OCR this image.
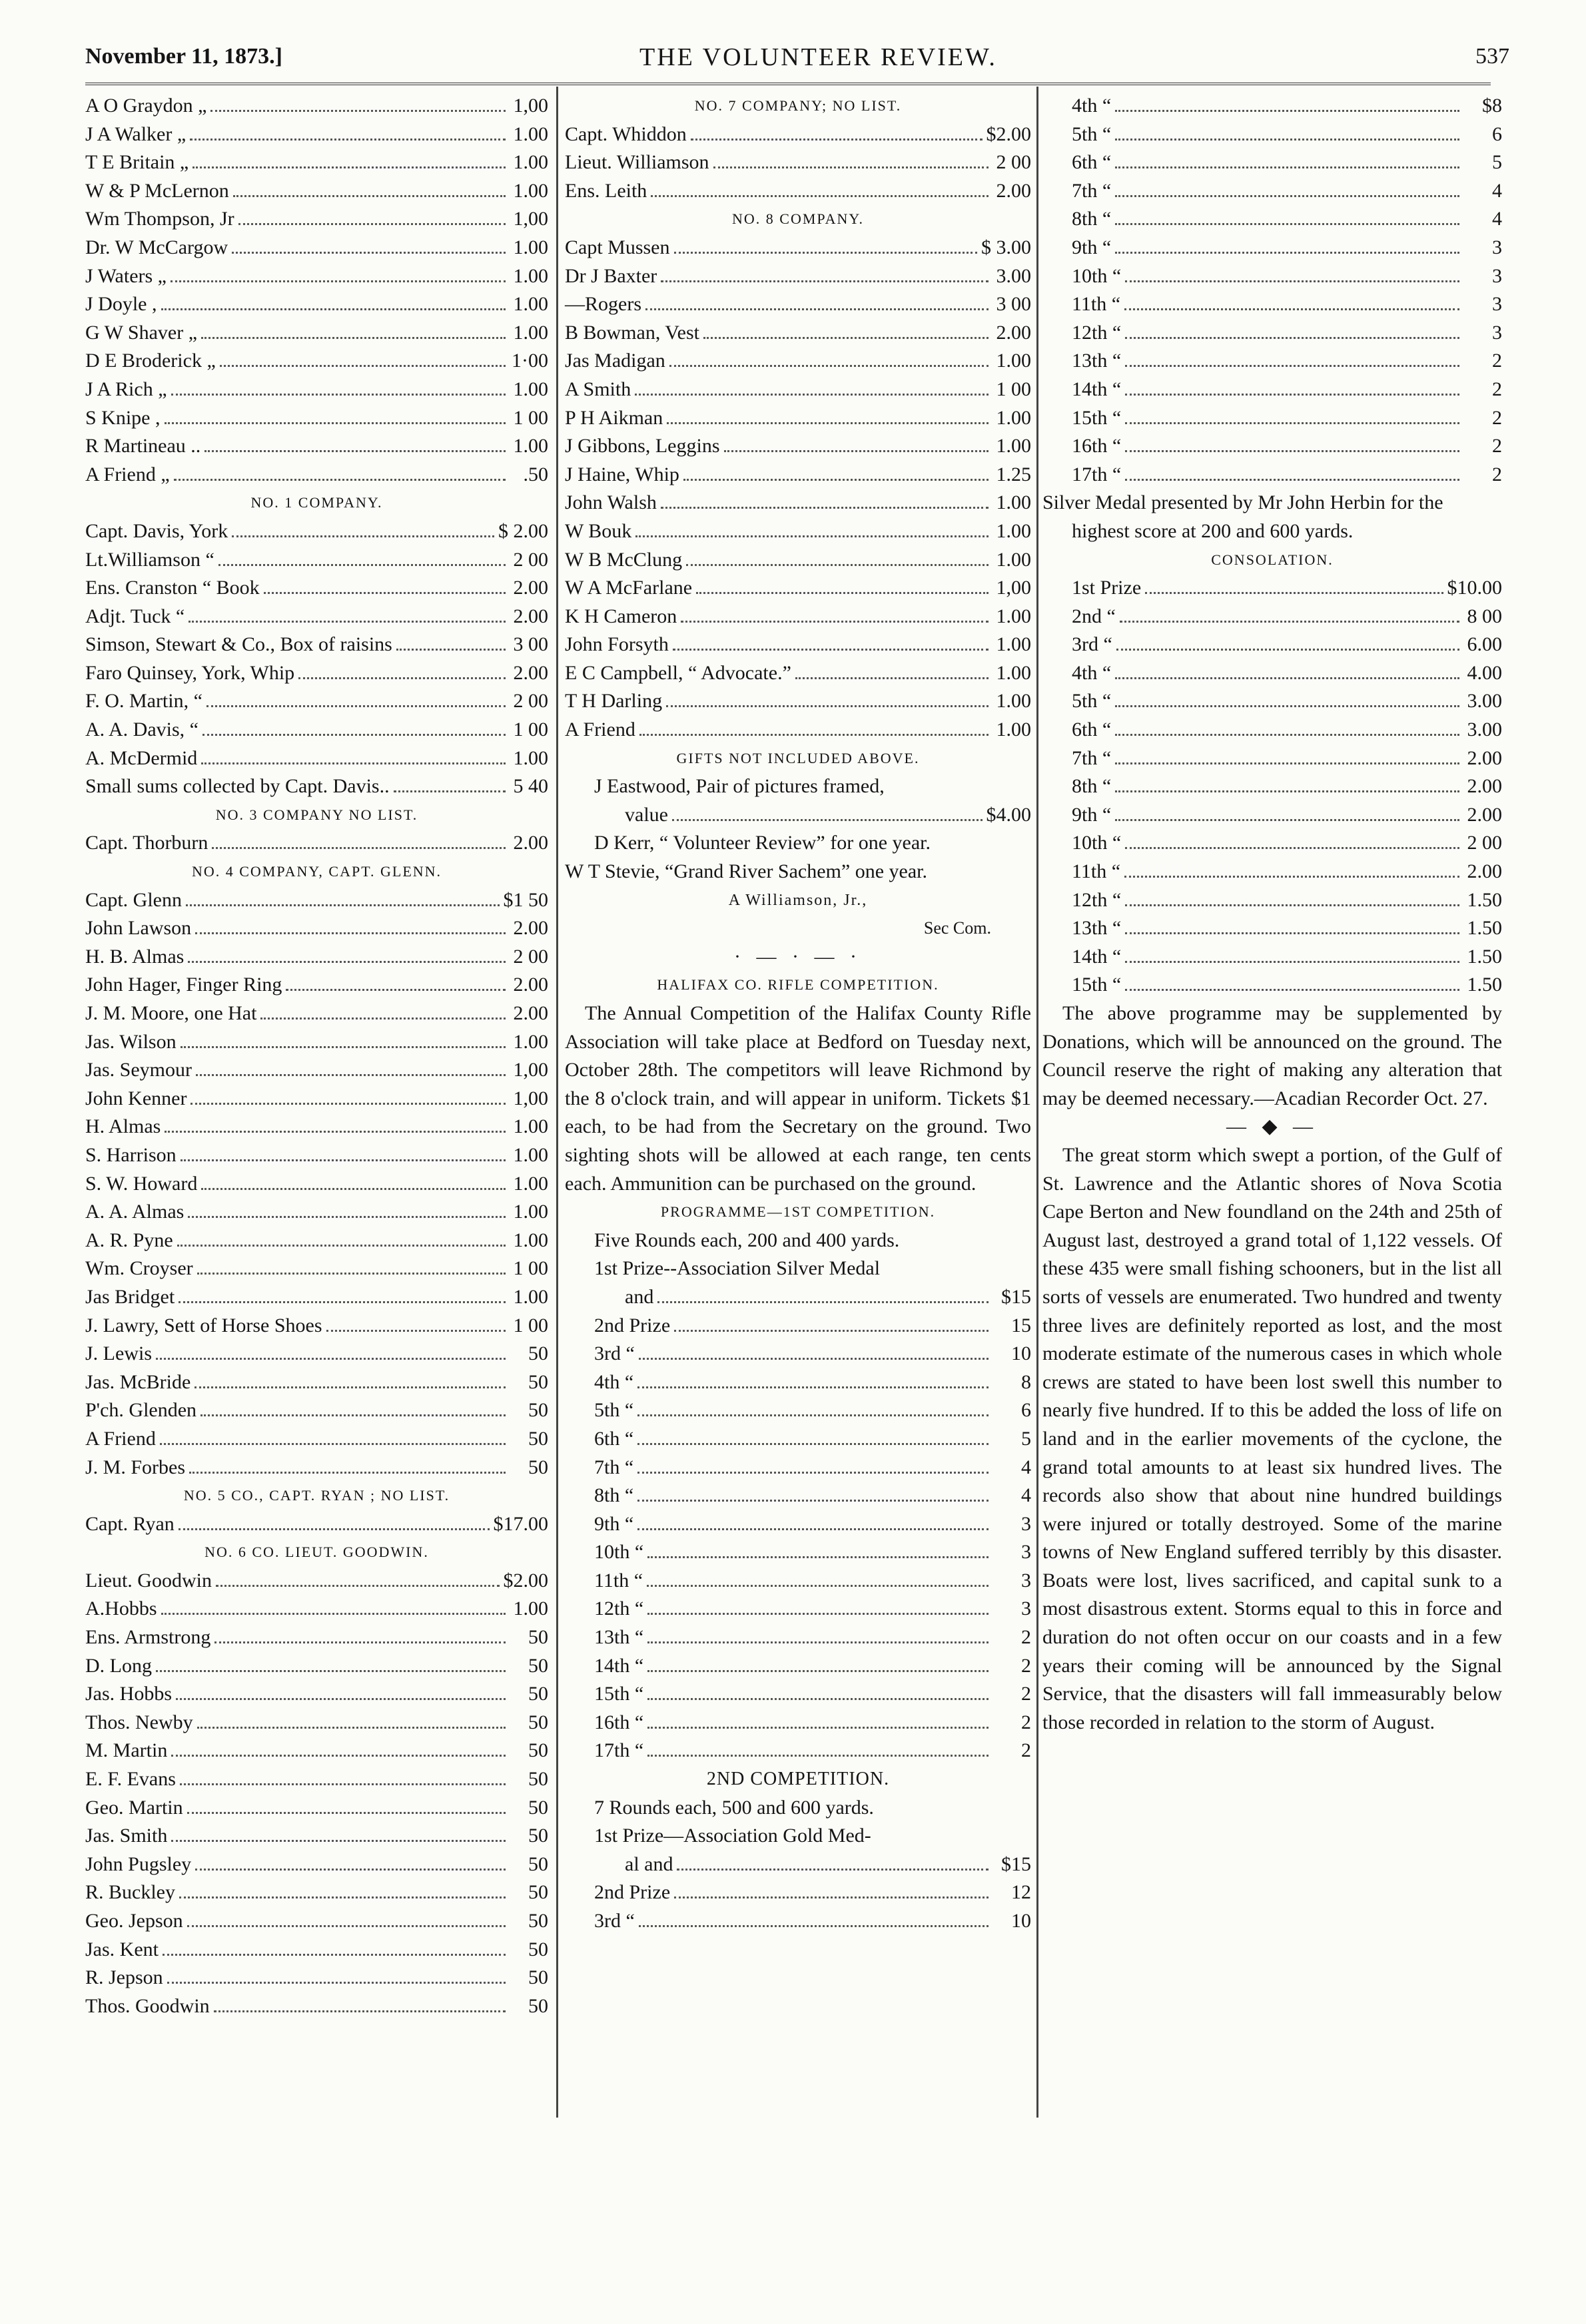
November 11, 1873.]	THE VOLUNTEER REVIEW.	537
A O Graydon „	1,00
J A Walker „	1.00
T E Britain „	1.00
W & P McLernon	1.00
Wm Thompson, Jr	1,00
Dr. W McCargow	1.00
J Waters „	1.00
J Doyle ,	1.00
G W Shaver „	1.00
D E Broderick „	1·00
J A Rich „	1.00
S Knipe ,	1 00
R Martineau ..	1.00
A Friend „	.50
NO. 1 COMPANY.
Capt. Davis, York	$ 2.00
Lt.Williamson “	2 00
Ens. Cranston “ Book	2.00
Adjt. Tuck “	2.00
Simson, Stewart & Co., Box of raisins	3 00
Faro Quinsey, York, Whip	2.00
F. O. Martin, “	2 00
A. A. Davis, “	1 00
A. McDermid	1.00
Small sums collected by Capt. Davis..	5 40
NO. 3 COMPANY NO LIST.
Capt. Thorburn	2.00
NO. 4 COMPANY, CAPT. GLENN.
Capt. Glenn	$1 50
John Lawson	2.00
H. B. Almas	2 00
John Hager, Finger Ring	2.00
J. M. Moore, one Hat	2.00
Jas. Wilson	1.00
Jas. Seymour	1,00
John Kenner	1,00
H. Almas	1.00
S. Harrison	1.00
S. W. Howard	1.00
A. A. Almas	1.00
A. R. Pyne	1.00
Wm. Croyser	1 00
Jas Bridget	1.00
J. Lawry, Sett of Horse Shoes	1 00
J. Lewis	50
Jas. McBride	50
P'ch. Glenden	50
A Friend	50
J. M. Forbes	50
NO. 5 CO., CAPT. RYAN ; NO LIST.
Capt. Ryan	$17.00
NO. 6 CO. LIEUT. GOODWIN.
Lieut. Goodwin	$2.00
A.Hobbs	1.00
Ens. Armstrong	50
D. Long	50
Jas. Hobbs	50
Thos. Newby	50
M. Martin	50
E. F. Evans	50
Geo. Martin	50
Jas. Smith	50
John Pugsley	50
R. Buckley	50
Geo. Jepson	50
Jas. Kent	50
R. Jepson	50
Thos. Goodwin	50
NO. 7 COMPANY; NO LIST.
Capt. Whiddon	$2.00
Lieut. Williamson	2 00
Ens. Leith	2.00
NO. 8 COMPANY.
Capt Mussen	$ 3.00
Dr J Baxter	3.00
—Rogers	3 00
B Bowman, Vest	2.00
Jas Madigan	1.00
A Smith	1 00
P H Aikman	1.00
J Gibbons, Leggins	1.00
J Haine, Whip	1.25
John Walsh	1.00
W Bouk	1.00
W B McClung	1.00
W A McFarlane	1,00
K H Cameron	1.00
John Forsyth	1.00
E C Campbell, “ Advocate.”	1.00
T H Darling	1.00
A Friend	1.00
GIFTS NOT INCLUDED ABOVE.
J Eastwood, Pair of pictures framed,
value	$4.00
D Kerr, “ Volunteer Review” for one year.
W T Stevie, “Grand River Sachem” one year.
A Williamson, Jr.,
Sec Com.
· — · — ·
HALIFAX CO. RIFLE COMPETITION.
The Annual Competition of the Halifax County Rifle Association will take place at Bedford on Tuesday next, October 28th. The competitors will leave Richmond by the 8 o'clock train, and will appear in uniform. Tickets $1 each, to be had from the Secretary on the ground. Two sighting shots will be allowed at each range, ten cents each. Ammunition can be purchased on the ground.
PROGRAMME—1ST COMPETITION.
Five Rounds each, 200 and 400 yards.
1st Prize--Association Silver Medal
and	$15
2nd Prize	15
3rd “	10
4th “	8
5th “	6
6th “	5
7th “	4
8th “	4
9th “	3
10th “	3
11th “	3
12th “	3
13th “	2
14th “	2
15th “	2
16th “	2
17th “	2
2ND COMPETITION.
7 Rounds each, 500 and 600 yards.
1st Prize—Association Gold Med-
al and	$15
2nd Prize	12
3rd “	10
4th “	$8
5th “	6
6th “	5
7th “	4
8th “	4
9th “	3
10th “	3
11th “	3
12th “	3
13th “	2
14th “	2
15th “	2
16th “	2
17th “	2
Silver Medal presented by Mr John Herbin for the highest score at 200 and 600 yards.
CONSOLATION.
1st Prize	$10.00
2nd “	8 00
3rd “	6.00
4th “	4.00
5th “	3.00
6th “	3.00
7th “	2.00
8th “	2.00
9th “	2.00
10th “	2 00
11th “	2.00
12th “	1.50
13th “	1.50
14th “	1.50
15th “	1.50
The above programme may be supplemented by Donations, which will be announced on the ground. The Council reserve the right of making any alteration that may be deemed necessary.—Acadian Recorder Oct. 27.
— ◆ —
The great storm which swept a portion, of the Gulf of St. Lawrence and the Atlantic shores of Nova Scotia Cape Berton and New foundland on the 24th and 25th of August last, destroyed a grand total of 1,122 vessels. Of these 435 were small fishing schooners, but in the list all sorts of vessels are enumerated. Two hundred and twenty three lives are definitely reported as lost, and the most moderate estimate of the numerous cases in which whole crews are stated to have been lost swell this number to nearly five hundred. If to this be added the loss of life on land and in the earlier movements of the cyclone, the grand total amounts to at least six hundred lives. The records also show that about nine hundred buildings were injured or totally destroyed. Some of the marine towns of New England suffered terribly by this disaster. Boats were lost, lives sacrificed, and capital sunk to a most disastrous extent. Storms equal to this in force and duration do not often occur on our coasts and in a few years their coming will be announced by the Signal Service, that the disasters will fall immeasurably below those recorded in relation to the storm of August.
